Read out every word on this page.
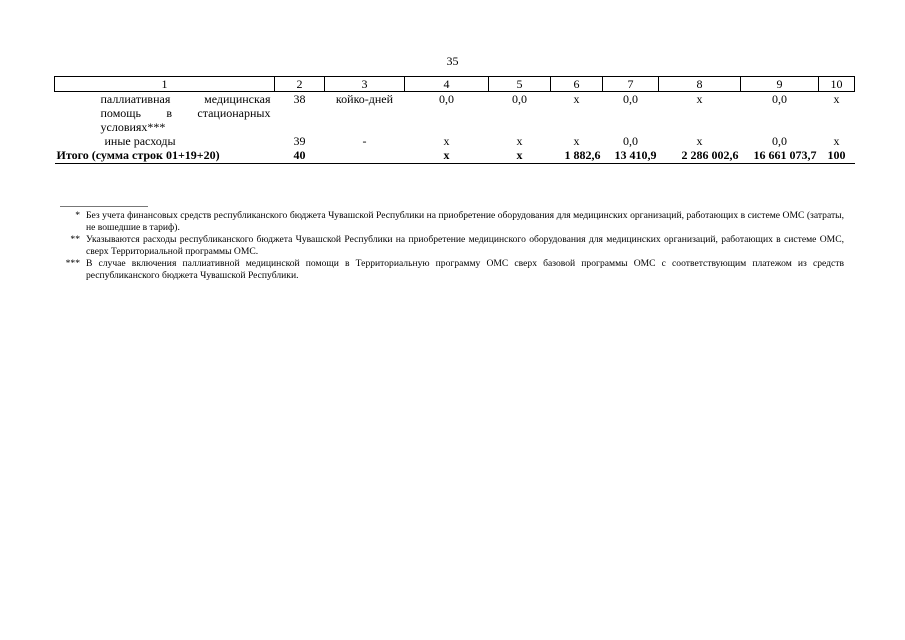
35
1	2	3	4	5	6	7	8	9	10
паллиативная медицинская помощь в стационарных условиях***	38	койко-дней	0,0	0,0	х	0,0	х	0,0	х
иные расходы	39	-	х	х	х	0,0	х	0,0	х
Итого (сумма строк 01+19+20)	40		х	х	1 882,6	13 410,9	2 286 002,6	16 661 073,7	100
* Без учета финансовых средств республиканского бюджета Чувашской Республики на приобретение оборудования для медицинских организаций, работающих в системе ОМС (затраты, не вошедшие в тариф).
** Указываются расходы республиканского бюджета Чувашской Республики на приобретение медицинского оборудования для медицинских организаций, работающих в системе ОМС, сверх Территориальной программы ОМС.
*** В случае включения паллиативной медицинской помощи в Территориальную программу ОМС сверх базовой программы ОМС с соответствующим платежом из средств республиканского бюджета Чувашской Республики.
